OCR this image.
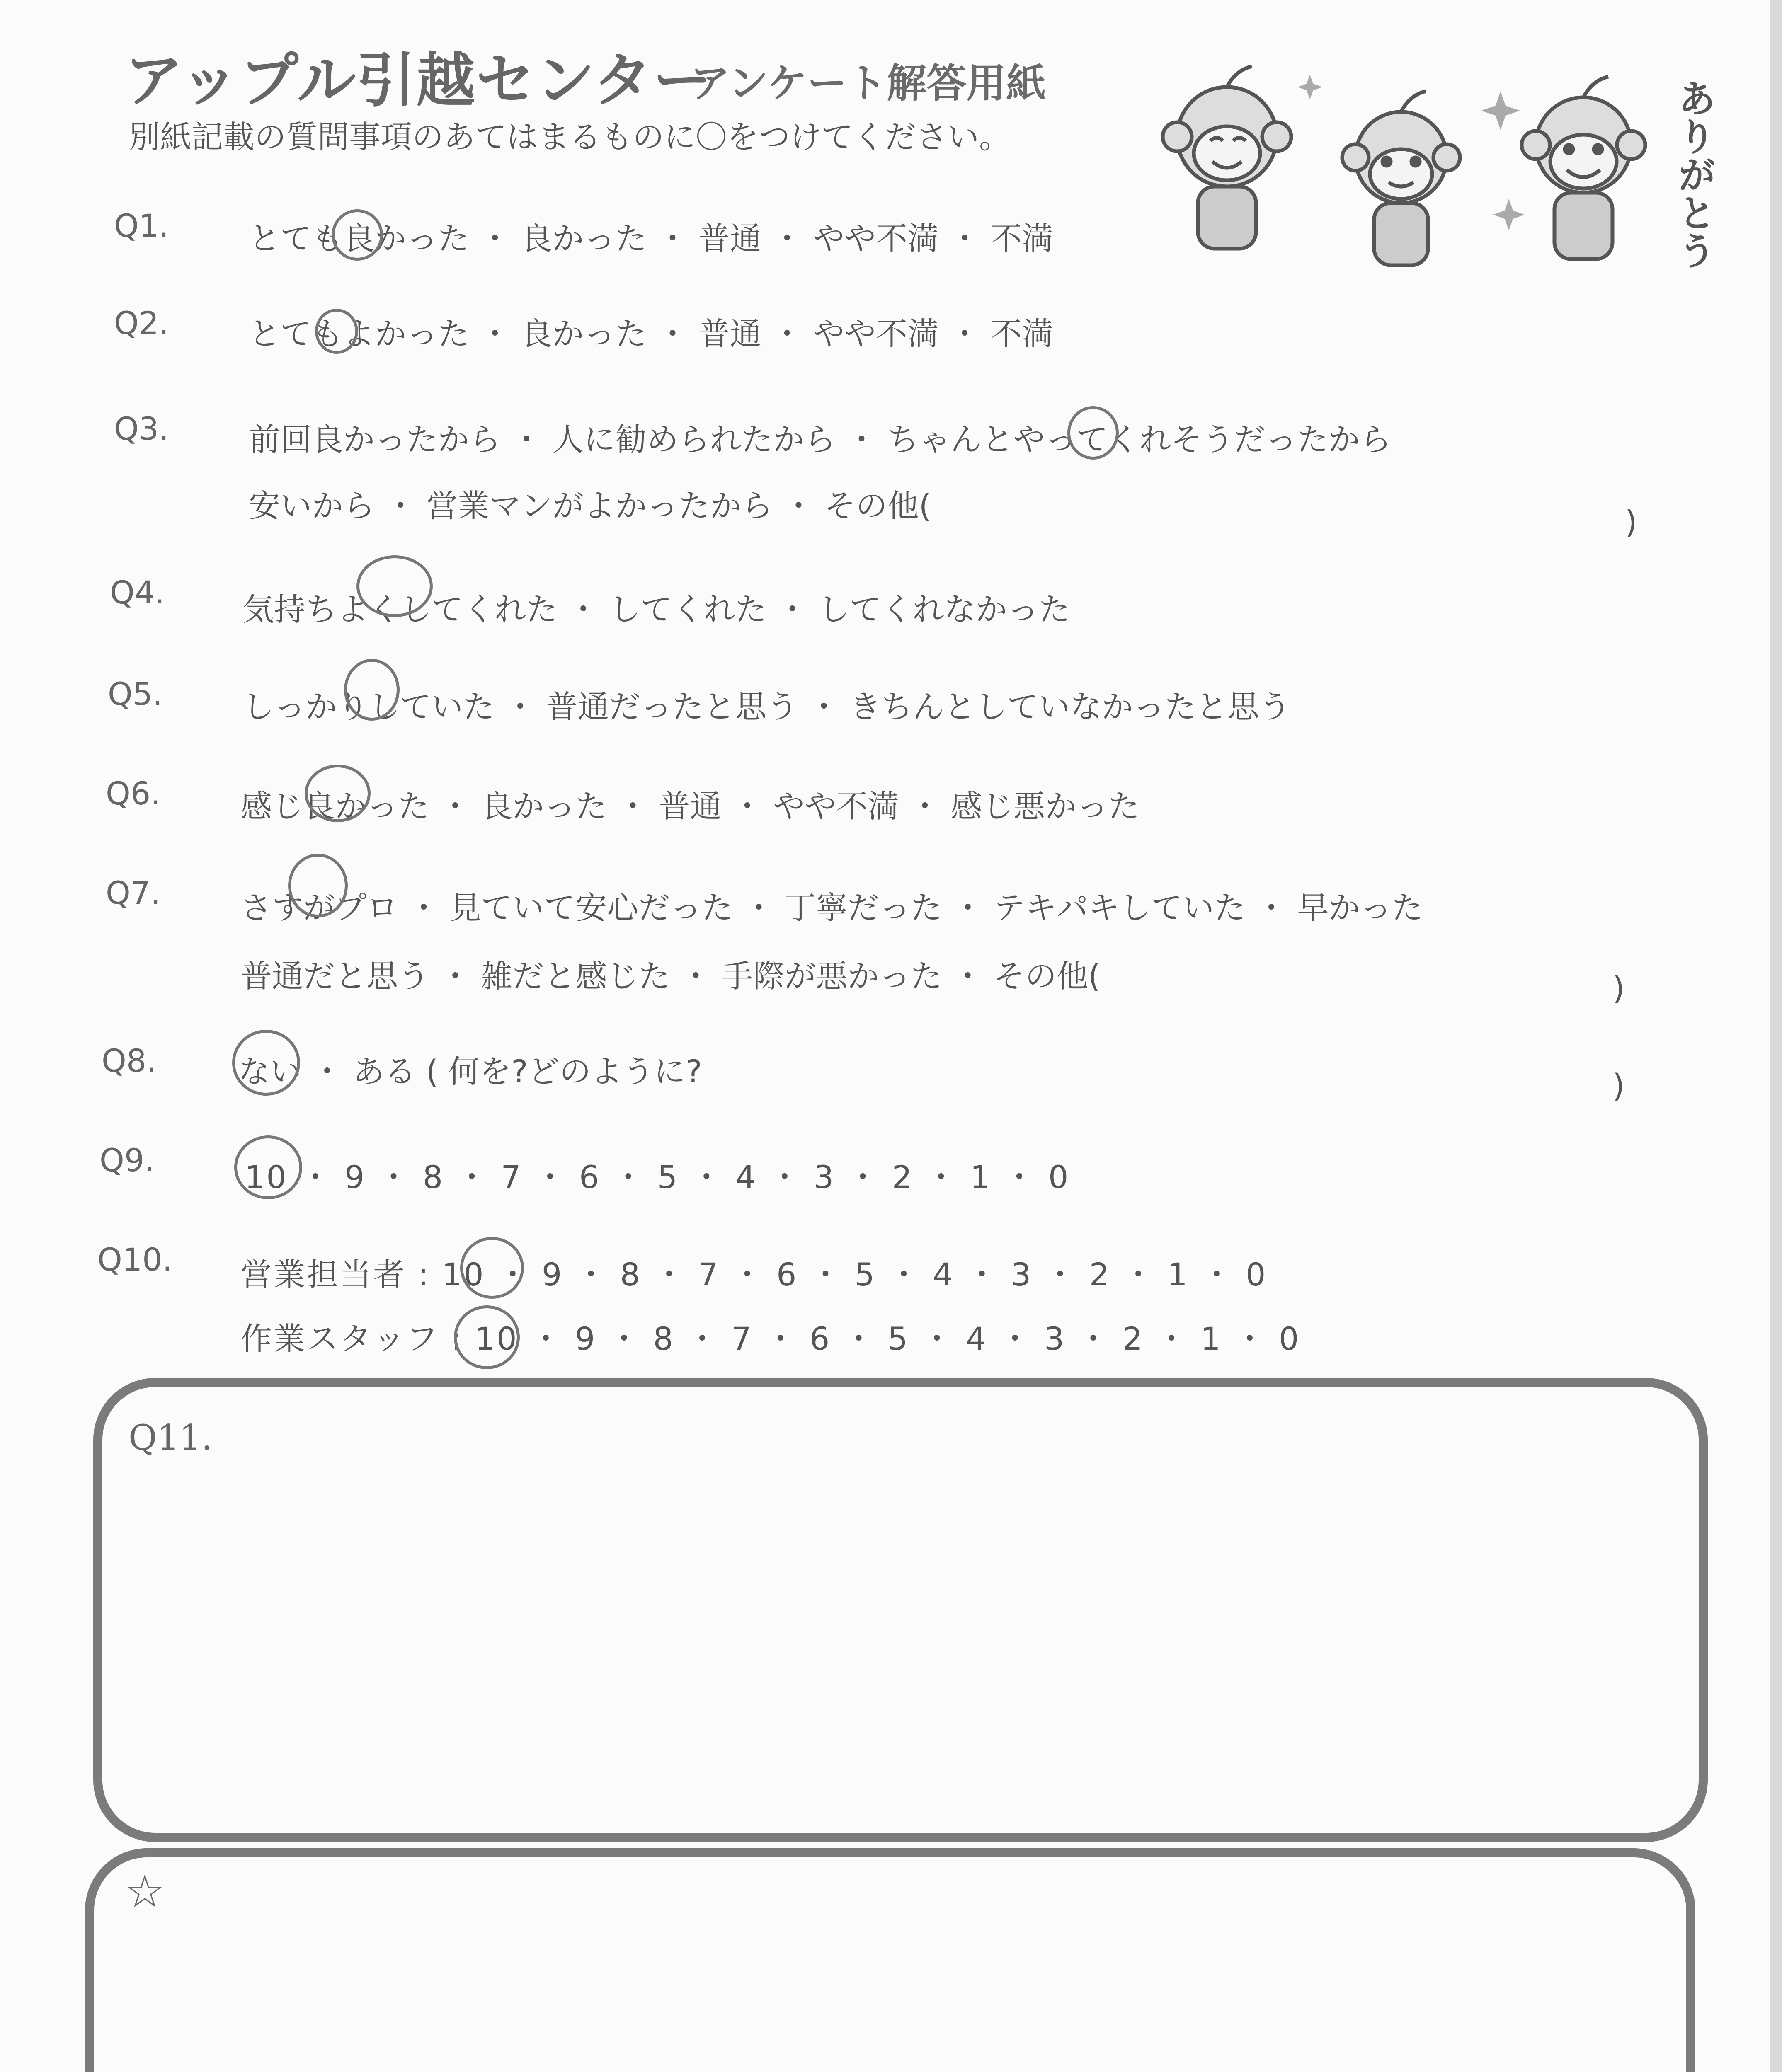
アップル引越センター
アンケート解答用紙
別紙記載の質問事項のあてはまるものに〇をつけてください。	ありがとう
Q1.	とても良かった ・ 良かった ・ 普通 ・ やや不満 ・ 不満
Q2.	とてもよかった ・ 良かった ・ 普通 ・ やや不満 ・ 不満
Q3.	前回良かったから ・ 人に勧められたから ・ ちゃんとやってくれそうだったから
安いから ・ 営業マンがよかったから ・ その他(	)
Q4. 気持ちよくしてくれた ・ してくれた ・ してくれなかった
Q5.	しっかりしていた ・ 普通だったと思う ・ きちんとしていなかったと思う
Q6.	感じ良かった ・ 良かった ・ 普通 ・ やや不満 ・ 感じ悪かった
Q7.	さすがプロ ・ 見ていて安心だった ・ 丁寧だった ・ テキパキしていた ・ 早かった
普通だと思う ・ 雑だと感じた ・ 手際が悪かった ・ その他(	)
Q8.	ない ・ ある ( 何を?どのように?	)
Q9.	10 ・ 9 ・ 8 ・ 7 ・ 6 ・ 5 ・ 4 ・ 3 ・ 2 ・ 1 ・ 0
Q10. 営業担当者 : 10 ・ 9 ・ 8 ・ 7 ・ 6 ・ 5 ・ 4 ・ 3 ・ 2 ・ 1 ・ 0
作業スタッフ : 10 ・ 9 ・ 8 ・ 7 ・ 6 ・ 5 ・ 4 ・ 3 ・ 2 ・ 1 ・ 0
Q11.
☆
